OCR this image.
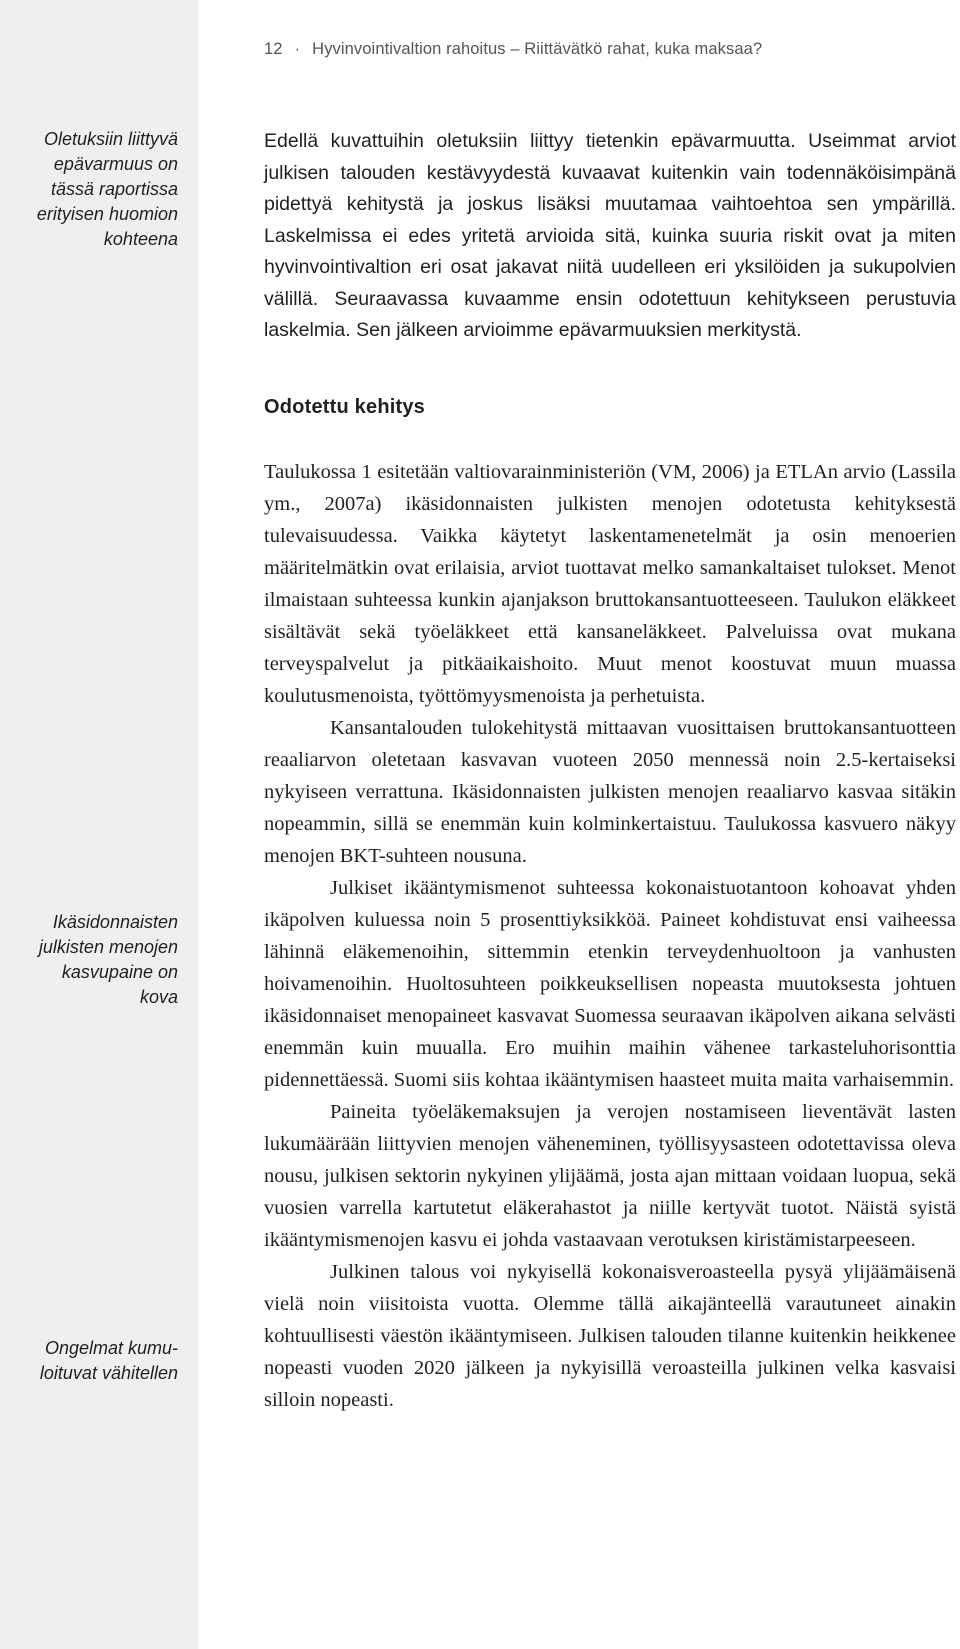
Oletuksiin liittyvä
epävarmuus on
tässä raportissa
erityisen huomion
kohteena
Ikäsidonnaisten
julkisten menojen
kasvupaine on
kova
Ongelmat kumu-
loituvat vähitellen
12 · Hyvinvointivaltion rahoitus – Riittävätkö rahat, kuka maksaa?

Edellä kuvattuihin oletuksiin liittyy tietenkin epävarmuutta. Useimmat arviot julkisen talouden kestävyydestä kuvaavat kuitenkin vain todennäköisimpänä pidettyä kehitystä ja joskus lisäksi muutamaa vaihtoehtoa sen ympärillä. Laskelmissa ei edes yritetä arvioida sitä, kuinka suuria riskit ovat ja miten hyvinvointivaltion eri osat jakavat niitä uudelleen eri yksilöiden ja sukupolvien välillä. Seuraavassa kuvaamme ensin odotettuun kehitykseen perustuvia laskelmia. Sen jälkeen arvioimme epävarmuuksien merkitystä.

Odotettu kehitys

Taulukossa 1 esitetään valtiovarainministeriön (VM, 2006) ja ETLAn arvio (Lassila ym., 2007a) ikäsidonnaisten julkisten menojen odotetusta kehityksestä tulevaisuudessa. Vaikka käytetyt laskentamenetelmät ja osin menoerien määritelmätkin ovat erilaisia, arviot tuottavat melko samankaltaiset tulokset. Menot ilmaistaan suhteessa kunkin ajanjakson bruttokansantuotteeseen. Taulukon eläkkeet sisältävät sekä työeläkkeet että kansaneläkkeet. Palveluissa ovat mukana terveyspalvelut ja pitkäaikaishoito. Muut menot koostuvat muun muassa koulutusmenoista, työttömyysmenoista ja perhetuista.

Kansantalouden tulokehitystä mittaavan vuosittaisen bruttokansantuotteen reaaliarvon oletetaan kasvavan vuoteen 2050 mennessä noin 2.5-kertaiseksi nykyiseen verrattuna. Ikäsidonnaisten julkisten menojen reaaliarvo kasvaa sitäkin nopeammin, sillä se enemmän kuin kolminkertaistuu. Taulukossa kasvuero näkyy menojen BKT-suhteen nousuna.

Julkiset ikääntymismenot suhteessa kokonaistuotantoon kohoavat yhden ikäpolven kuluessa noin 5 prosenttiyksikköä. Paineet kohdistuvat ensi vaiheessa lähinnä eläkemenoihin, sittemmin etenkin terveydenhuoltoon ja vanhusten hoivamenoihin. Huoltosuhteen poikkeuksellisen nopeasta muutoksesta johtuen ikäsidonnaiset menopaineet kasvavat Suomessa seuraavan ikäpolven aikana selvästi enemmän kuin muualla. Ero muihin maihin vähenee tarkasteluhorisonttia pidennettäessä. Suomi siis kohtaa ikääntymisen haasteet muita maita varhaisemmin.

Paineita työeläkemaksujen ja verojen nostamiseen lieventävät lasten lukumäärään liittyvien menojen väheneminen, työllisyysasteen odotettavissa oleva nousu, julkisen sektorin nykyinen ylijäämä, josta ajan mittaan voidaan luopua, sekä vuosien varrella kartutetut eläkerahastot ja niille kertyvät tuotot. Näistä syistä ikääntymismenojen kasvu ei johda vastaavaan verotuksen kiristämistarpeeseen.

Julkinen talous voi nykyisellä kokonaisveroasteella pysyä ylijäämäisenä vielä noin viisitoista vuotta. Olemme tällä aikajänteellä varautuneet ainakin kohtuullisesti väestön ikääntymiseen. Julkisen talouden tilanne kuitenkin heikkenee nopeasti vuoden 2020 jälkeen ja nykyisillä veroasteilla julkinen velka kasvaisi silloin nopeasti.
